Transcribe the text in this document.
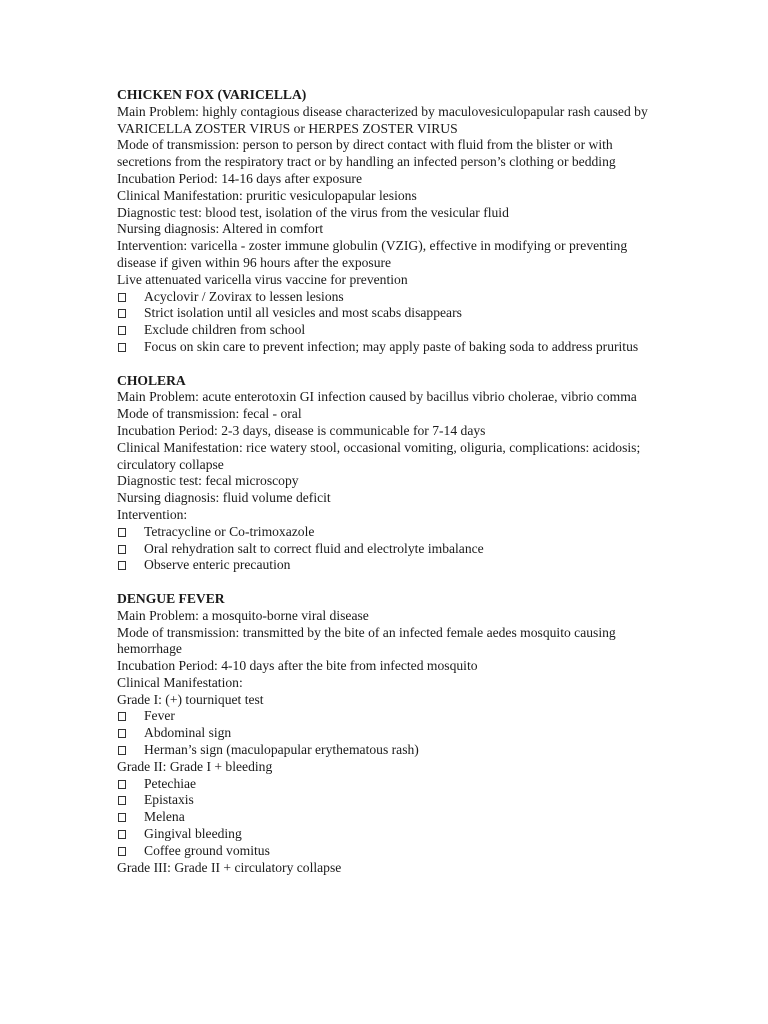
CHICKEN FOX (VARICELLA)

Main Problem: highly contagious disease characterized by maculovesiculopapular rash caused by VARICELLA ZOSTER VIRUS or HERPES ZOSTER VIRUS

Mode of transmission: person to person by direct contact with fluid from the blister or with secretions from the respiratory tract or by handling an infected person’s clothing or bedding

Incubation Period: 14-16 days after exposure

Clinical Manifestation: pruritic vesiculopapular lesions

Diagnostic test: blood test, isolation of the virus from the vesicular fluid

Nursing diagnosis: Altered in comfort

Intervention: varicella - zoster immune globulin (VZIG), effective in modifying or preventing disease if given within 96 hours after the exposure

Live attenuated varicella virus vaccine for prevention

Acyclovir / Zovirax to lessen lesions

Strict isolation until all vesicles and most scabs disappears

Exclude children from school

Focus on skin care to prevent infection; may apply paste of baking soda to address pruritus

CHOLERA

Main Problem: acute enterotoxin GI infection caused by bacillus vibrio cholerae, vibrio comma

Mode of transmission: fecal - oral

Incubation Period: 2-3 days, disease is communicable for 7-14 days

Clinical Manifestation: rice watery stool, occasional vomiting, oliguria, complications: acidosis; circulatory collapse

Diagnostic test: fecal microscopy

Nursing diagnosis: fluid volume deficit

Intervention:

Tetracycline or Co-trimoxazole

Oral rehydration salt to correct fluid and electrolyte imbalance

Observe enteric precaution

DENGUE FEVER

Main Problem: a mosquito-borne viral disease

Mode of transmission: transmitted by the bite of an infected female aedes mosquito causing hemorrhage

Incubation Period: 4-10 days after the bite from infected mosquito

Clinical Manifestation:

Grade I: (+) tourniquet test

Fever

Abdominal sign

Herman’s sign (maculopapular erythematous rash)

Grade II: Grade I + bleeding

Petechiae

Epistaxis

Melena

Gingival bleeding

Coffee ground vomitus

Grade III: Grade II + circulatory collapse
